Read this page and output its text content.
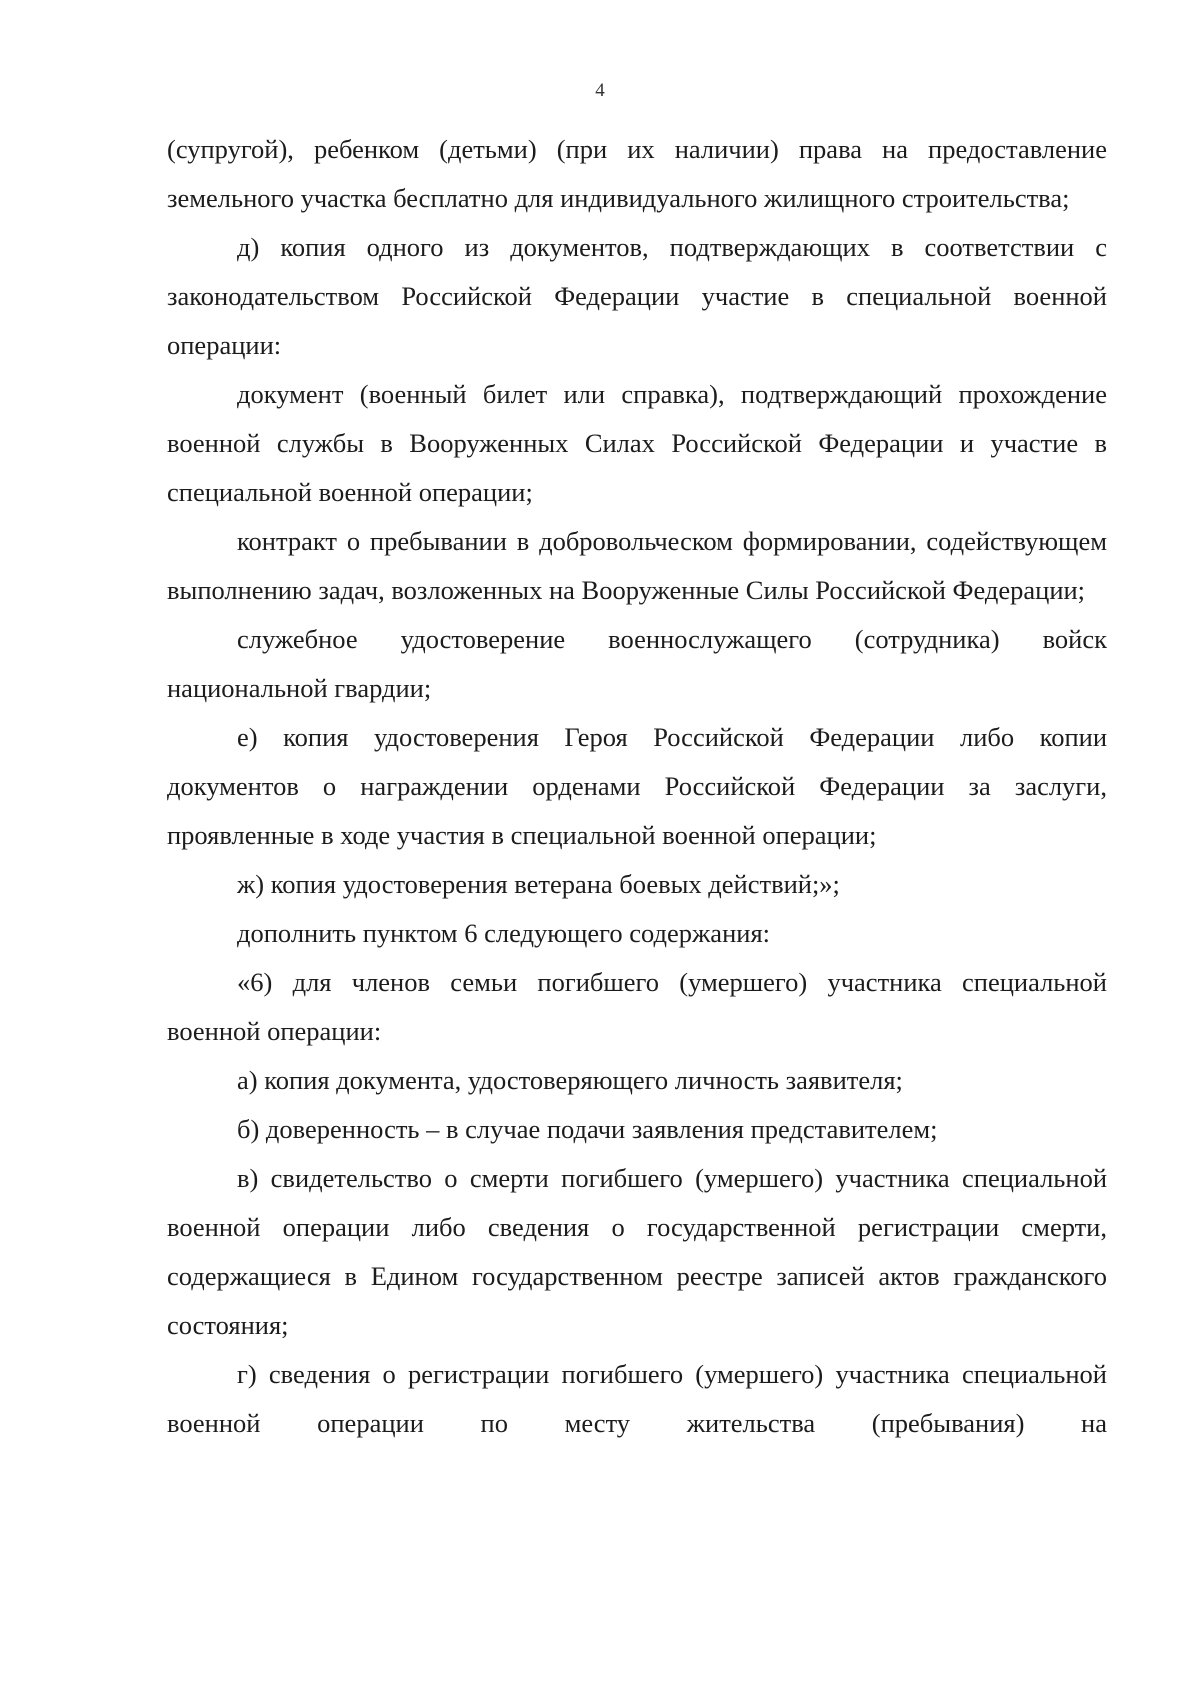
4

(супругой), ребенком (детьми) (при их наличии) права на предоставление земельного участка бесплатно для индивидуального жилищного строительства;

д) копия одного из документов, подтверждающих в соответствии с законодательством Российской Федерации участие в специальной военной операции:

документ (военный билет или справка), подтверждающий прохождение военной службы в Вооруженных Силах Российской Федерации и участие в специальной военной операции;

контракт о пребывании в добровольческом формировании, содействующем выполнению задач, возложенных на Вооруженные Силы Российской Федерации;

служебное удостоверение военнослужащего (сотрудника) войск национальной гвардии;

е) копия удостоверения Героя Российской Федерации либо копии документов о награждении орденами Российской Федерации за заслуги, проявленные в ходе участия в специальной военной операции;

ж) копия удостоверения ветерана боевых действий;»;

дополнить пунктом 6 следующего содержания:

«6) для членов семьи погибшего (умершего) участника специальной военной операции:

а) копия документа, удостоверяющего личность заявителя;

б) доверенность – в случае подачи заявления представителем;

в) свидетельство о смерти погибшего (умершего) участника специальной военной операции либо сведения о государственной регистрации смерти, содержащиеся в Едином государственном реестре записей актов гражданского состояния;

г) сведения о регистрации погибшего (умершего) участника специальной военной операции по месту жительства (пребывания) на
